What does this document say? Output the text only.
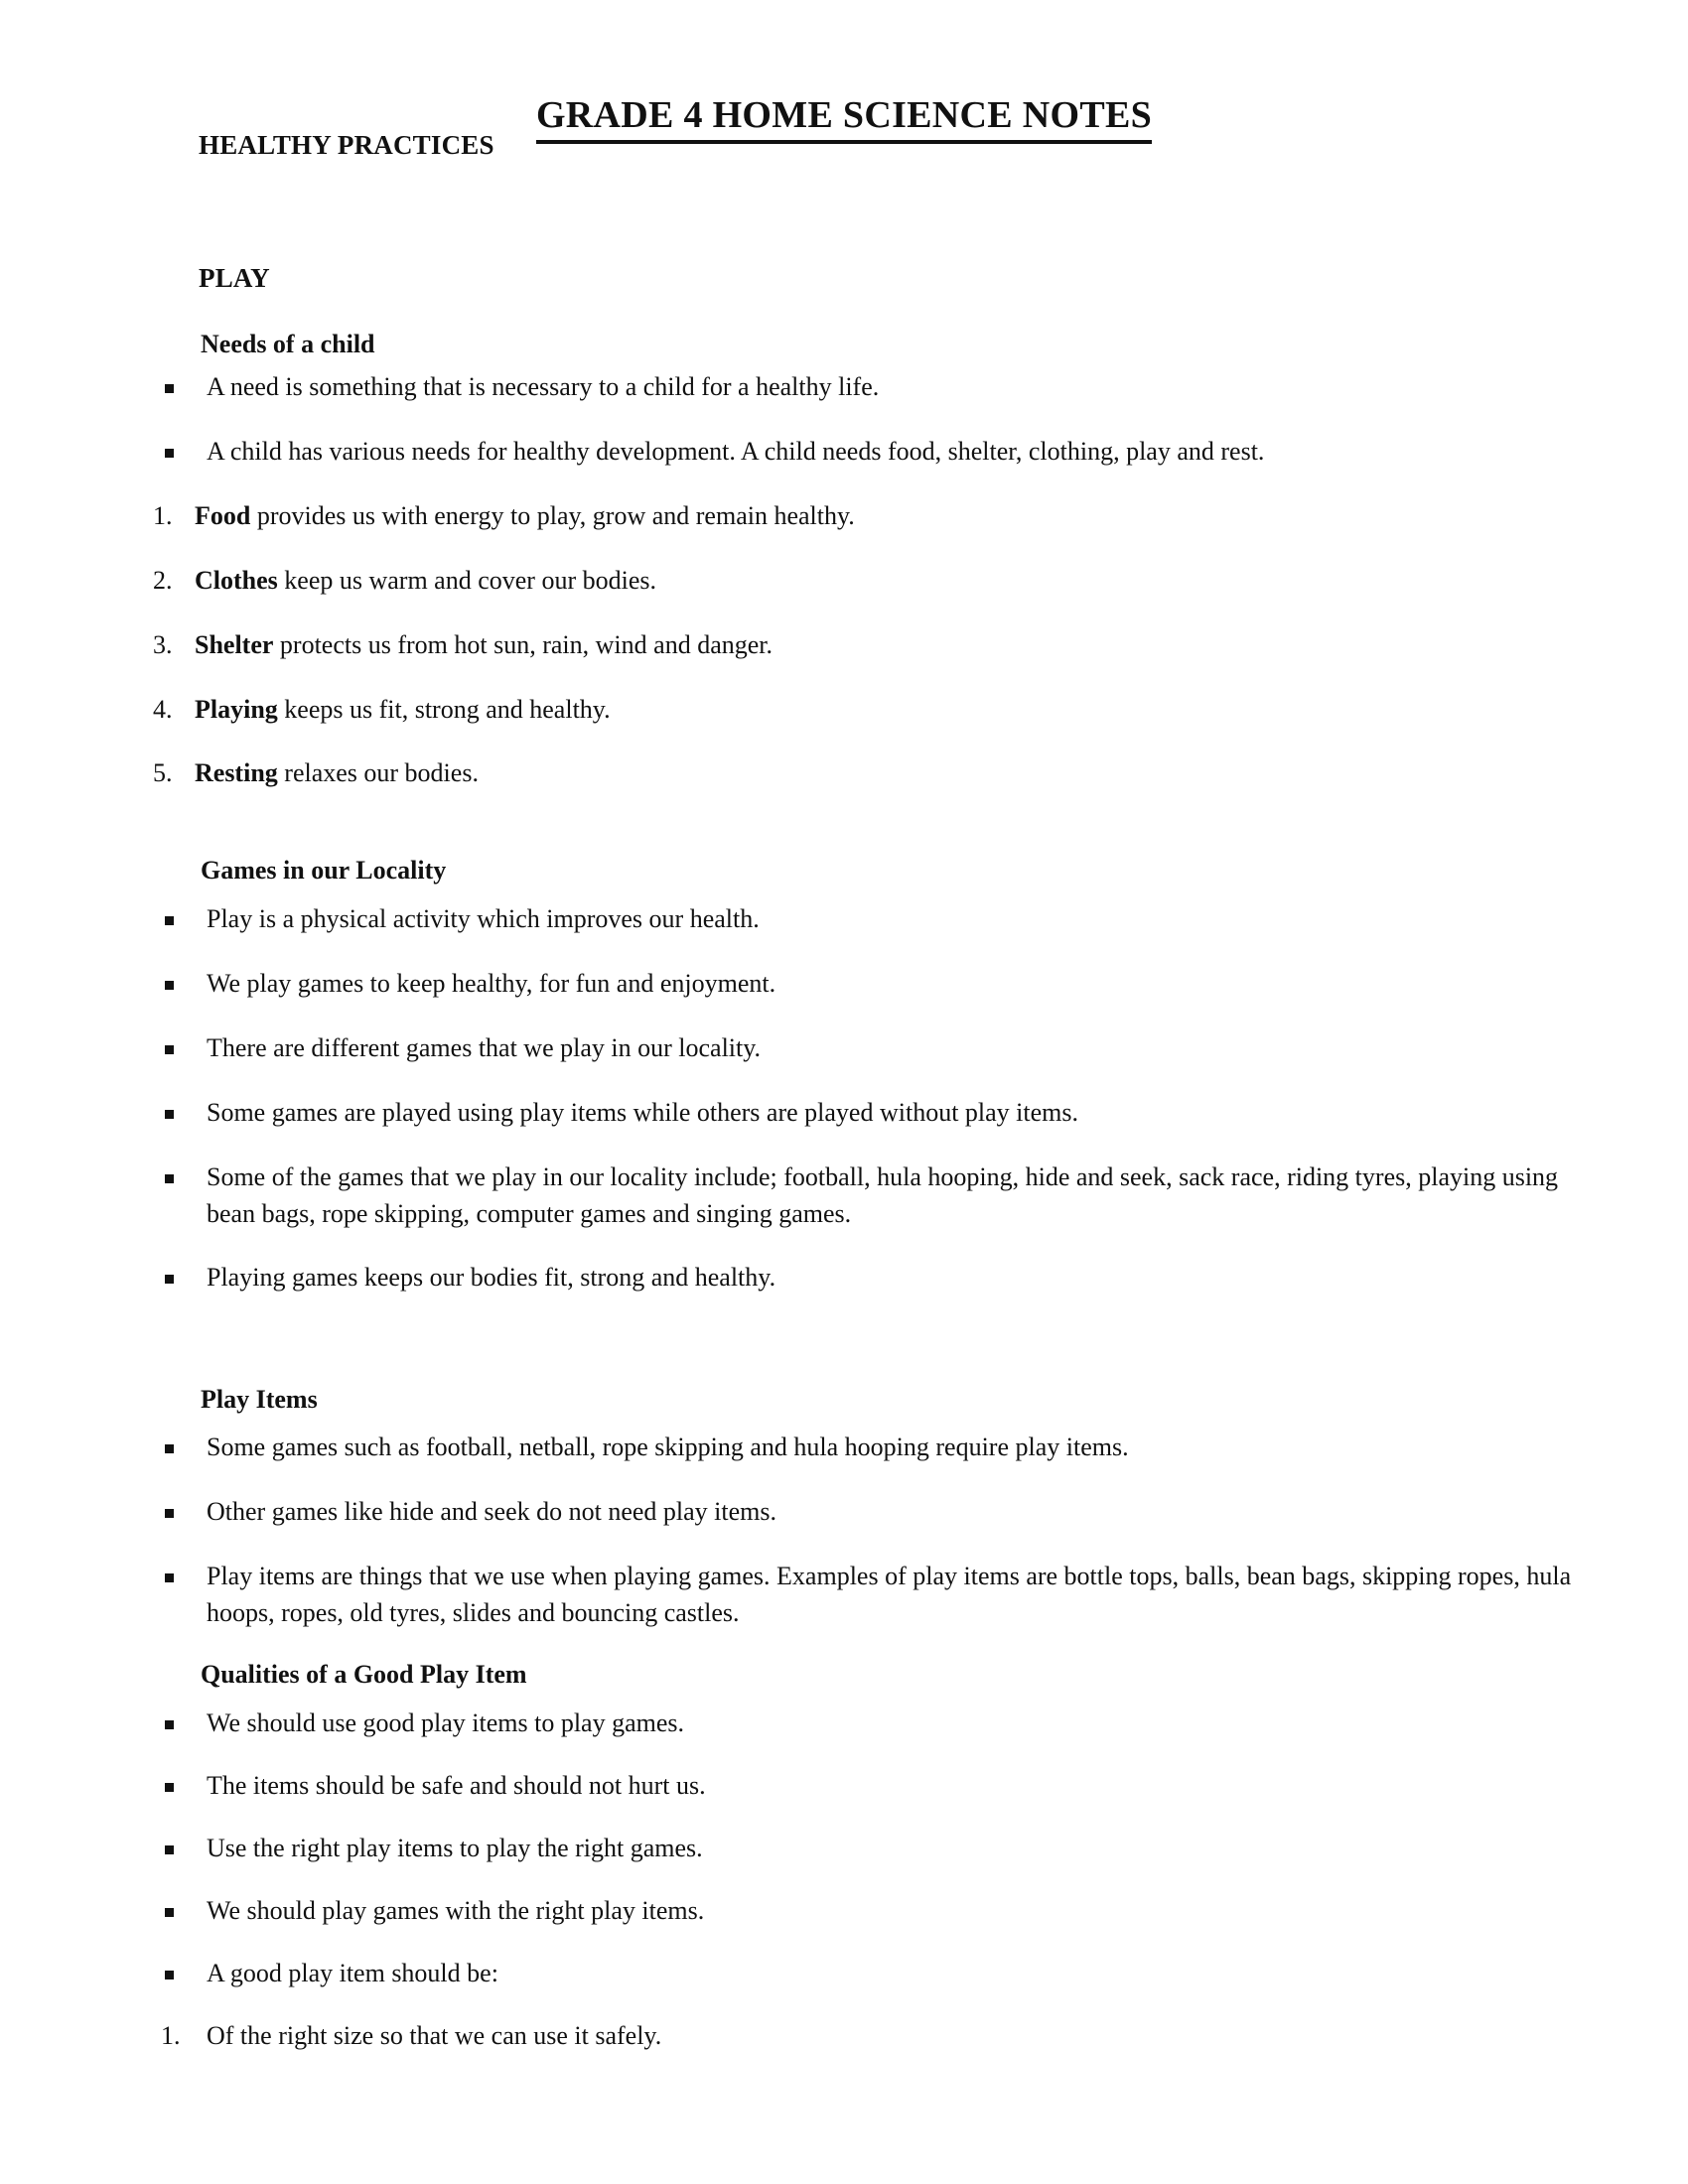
GRADE 4 HOME SCIENCE NOTES
HEALTHY PRACTICES
PLAY
Needs of a child
A need is something that is necessary to a child for a healthy life.
A child has various needs for healthy development. A child needs food, shelter, clothing, play and rest.
1. Food provides us with energy to play, grow and remain healthy.
2. Clothes keep us warm and cover our bodies.
3. Shelter protects us from hot sun, rain, wind and danger.
4. Playing keeps us fit, strong and healthy.
5. Resting relaxes our bodies.
Games in our Locality
Play is a physical activity which improves our health.
We play games to keep healthy, for fun and enjoyment.
There are different games that we play in our locality.
Some games are played using play items while others are played without play items.
Some of the games that we play in our locality include; football, hula hooping, hide and seek, sack race, riding tyres, playing using bean bags, rope skipping, computer games and singing games.
Playing games keeps our bodies fit, strong and healthy.
Play Items
Some games such as football, netball, rope skipping and hula hooping require play items.
Other games like hide and seek do not need play items.
Play items are things that we use when playing games. Examples of play items are bottle tops, balls, bean bags, skipping ropes, hula hoops, ropes, old tyres, slides and bouncing castles.
Qualities of a Good Play Item
We should use good play items to play games.
The items should be safe and should not hurt us.
Use the right play items to play the right games.
We should play games with the right play items.
A good play item should be:
1. Of the right size so that we can use it safely.
